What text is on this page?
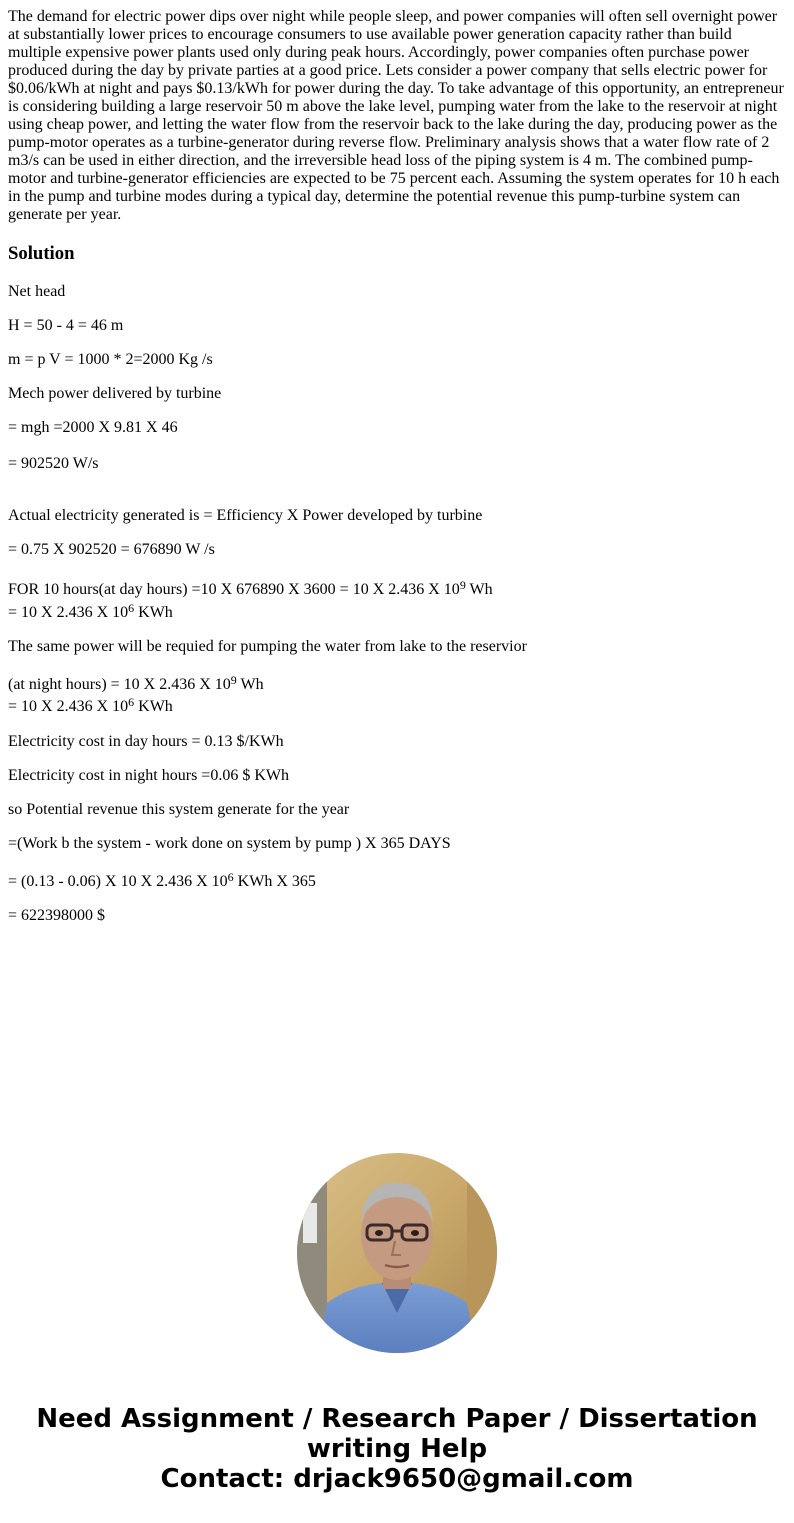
The demand for electric power dips over night while people sleep, and power companies will often sell overnight power at substantially lower prices to encourage consumers to use available power generation capacity rather than build multiple expensive power plants used only during peak hours. Accordingly, power companies often purchase power produced during the day by private parties at a good price. Lets consider a power company that sells electric power for $0.06/kWh at night and pays $0.13/kWh for power during the day. To take advantage of this opportunity, an entrepreneur is considering building a large reservoir 50 m above the lake level, pumping water from the lake to the reservoir at night using cheap power, and letting the water flow from the reservoir back to the lake during the day, producing power as the pump-motor operates as a turbine-generator during reverse flow. Preliminary analysis shows that a water flow rate of 2 m3/s can be used in either direction, and the irreversible head loss of the piping system is 4 m. The combined pump-motor and turbine-generator efficiencies are expected to be 75 percent each. Assuming the system operates for 10 h each in the pump and turbine modes during a typical day, determine the potential revenue this pump-turbine system can generate per year.

Solution

Net head

H = 50 - 4 = 46 m

m = p V = 1000 * 2=2000 Kg /s

Mech power delivered by turbine

= mgh =2000 X 9.81 X 46

= 902520 W/s

Actual electricity generated is = Efficiency X Power developed by turbine

= 0.75 X 902520 = 676890 W /s

FOR 10 hours(at day hours) =10 X 676890 X 3600 = 10 X 2.436 X $10^9$ Wh

= 10 X 2.436 X $10^6$ KWh

The same power will be requied for pumping the water from lake to the reservior

(at night hours) = 10 X 2.436 X $10^9$ Wh

= 10 X 2.436 X $10^6$ KWh

Electricity cost in day hours = 0.13 $/KWh

Electricity cost in night hours =0.06 $ KWh

so Potential revenue this system generate for the year

=(Work b the system - work done on system by pump ) X 365 DAYS

= (0.13 - 0.06) X 10 X 2.436 X $10^6$ KWh X 365

= 622398000 $

Need Assignment / Research Paper / Dissertation
writing Help
Contact: drjack9650@gmail.com
